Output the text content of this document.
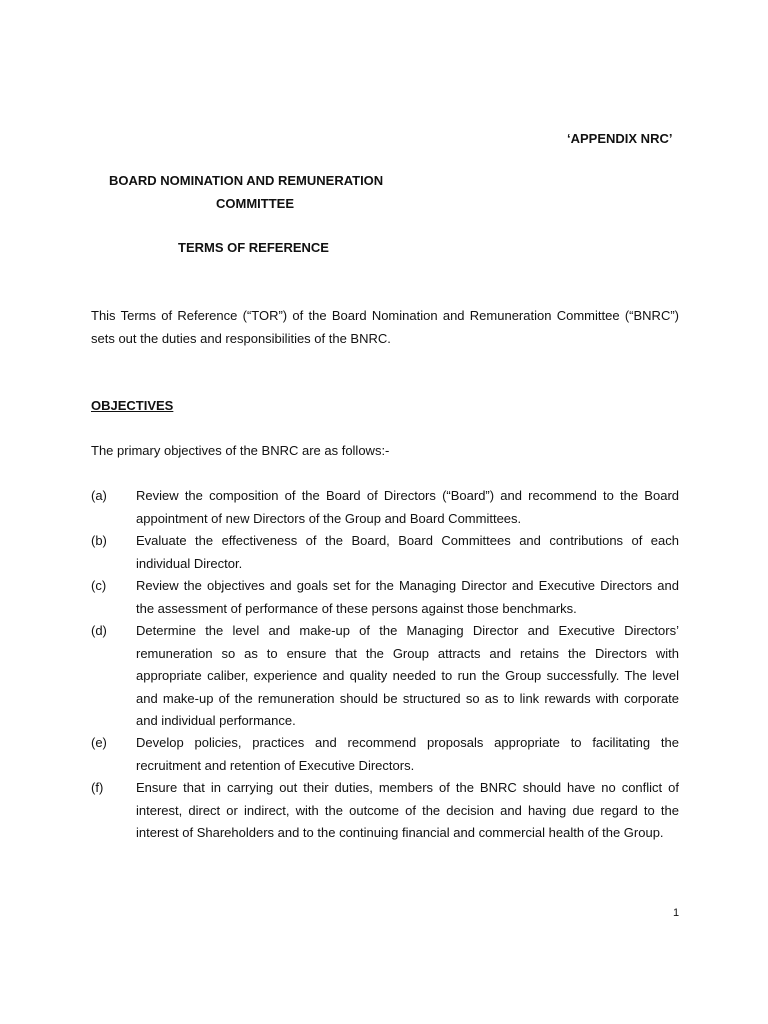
‘APPENDIX NRC’
BOARD NOMINATION AND REMUNERATION
COMMITTEE
TERMS OF REFERENCE
This Terms of Reference (“TOR”) of the Board Nomination and Remuneration Committee (“BNRC”) sets out the duties and responsibilities of the BNRC.
OBJECTIVES
The primary objectives of the BNRC are as follows:-
(a)	Review the composition of the Board of Directors (“Board”) and recommend to the Board appointment of new Directors of the Group and Board Committees.
(b)	Evaluate the effectiveness of the Board, Board Committees and contributions of each individual Director.
(c)	Review the objectives and goals set for the Managing Director and Executive Directors and the assessment of performance of these persons against those benchmarks.
(d)	Determine the level and make-up of the Managing Director and Executive Directors’ remuneration so as to ensure that the Group attracts and retains the Directors with appropriate caliber, experience and quality needed to run the Group successfully. The level and make-up of the remuneration should be structured so as to link rewards with corporate and individual performance.
(e)	Develop policies, practices and recommend proposals appropriate to facilitating the recruitment and retention of Executive Directors.
(f)	Ensure that in carrying out their duties, members of the BNRC should have no conflict of interest, direct or indirect, with the outcome of the decision and having due regard to the interest of Shareholders and to the continuing financial and commercial health of the Group.
1
